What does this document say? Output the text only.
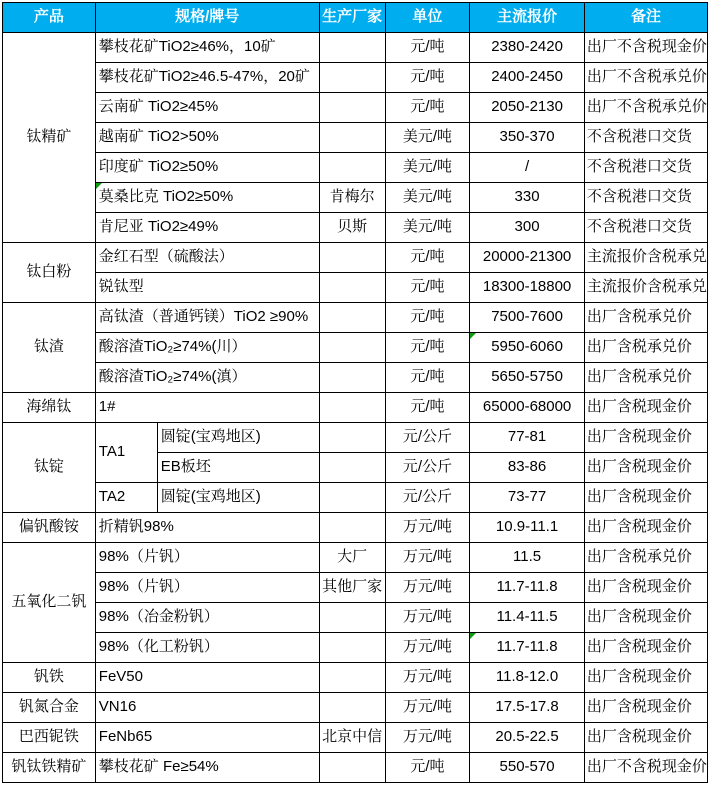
产品	规格/牌号		生产厂家	单位	主流报价	备注
钛精矿	攀枝花矿TiO2≥46%，10矿			元/吨	2380-2420	出厂不含税现金价
	攀枝花矿TiO2≥46.5-47%，20矿			元/吨	2400-2450	出厂不含税承兑价
	云南矿 TiO2≥45%			元/吨	2050-2130	出厂不含税承兑价
	越南矿 TiO2>50%			美元/吨	350-370	不含税港口交货
	印度矿 TiO2≥50%			美元/吨	/	不含税港口交货
	莫桑比克 TiO2≥50%		肯梅尔	美元/吨	330	不含税港口交货
	肯尼亚 TiO2≥49%		贝斯	美元/吨	300	不含税港口交货
钛白粉	金红石型（硫酸法）			元/吨	20000-21300	主流报价含税承兑
	锐钛型			元/吨	18300-18800	主流报价含税承兑
钛渣	高钛渣（普通钙镁）TiO2 ≥90%			元/吨	7500-7600	出厂含税承兑价
	酸溶渣TiO₂≥74%(川）			元/吨	5950-6060	出厂含税承兑价
	酸溶渣TiO₂≥74%(滇）			元/吨	5650-5750	出厂含税承兑价
海绵钛	1#			元/吨	65000-68000	出厂含税现金价
钛锭	TA1	圆锭(宝鸡地区)		元/公斤	77-81	出厂含税现金价
		EB板坯		元/公斤	83-86	出厂含税现金价
	TA2	圆锭(宝鸡地区)		元/公斤	73-77	出厂含税现金价
偏钒酸铵	折精钒98%			万元/吨	10.9-11.1	出厂含税现金价
五氧化二钒	98%（片钒）		大厂	万元/吨	11.5	出厂含税承兑价
	98%（片钒）		其他厂家	万元/吨	11.7-11.8	出厂含税现金价
	98%（冶金粉钒）			万元/吨	11.4-11.5	出厂含税现金价
	98%（化工粉钒）			万元/吨	11.7-11.8	出厂含税现金价
钒铁	FeV50			万元/吨	11.8-12.0	出厂含税现金价
钒氮合金	VN16			万元/吨	17.5-17.8	出厂含税现金价
巴西铌铁	FeNb65		北京中信	万元/吨	20.5-22.5	出厂含税现金价
钒钛铁精矿	攀枝花矿 Fe≥54%			元/吨	550-570	出厂不含税现金价
